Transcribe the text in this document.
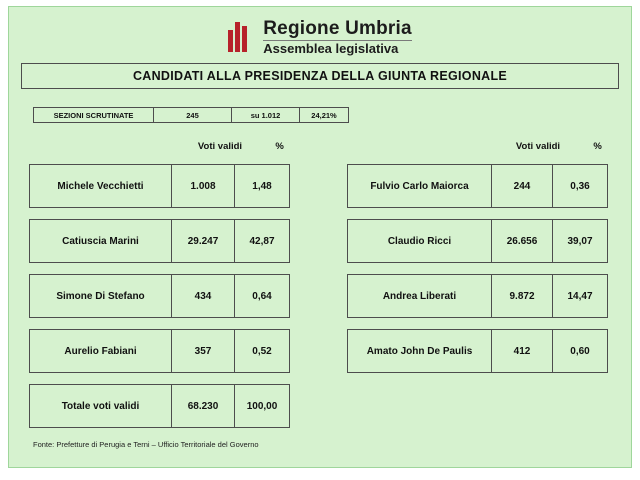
Regione Umbria
Assemblea legislativa
CANDIDATI ALLA PRESIDENZA DELLA GIUNTA REGIONALE
SEZIONI SCRUTINATE	245	su 1.012	24,21%
Voti validi	%	Voti validi	%
Michele Vecchietti	1.008	1,48
Catiuscia Marini	29.247	42,87
Simone Di Stefano	434	0,64
Aurelio Fabiani	357	0,52
Totale voti validi	68.230	100,00
Fulvio Carlo Maiorca	244	0,36
Claudio Ricci	26.656	39,07
Andrea Liberati	9.872	14,47
Amato John De Paulis	412	0,60
Fonte: Prefetture di Perugia e Terni – Ufficio Territoriale del Governo
